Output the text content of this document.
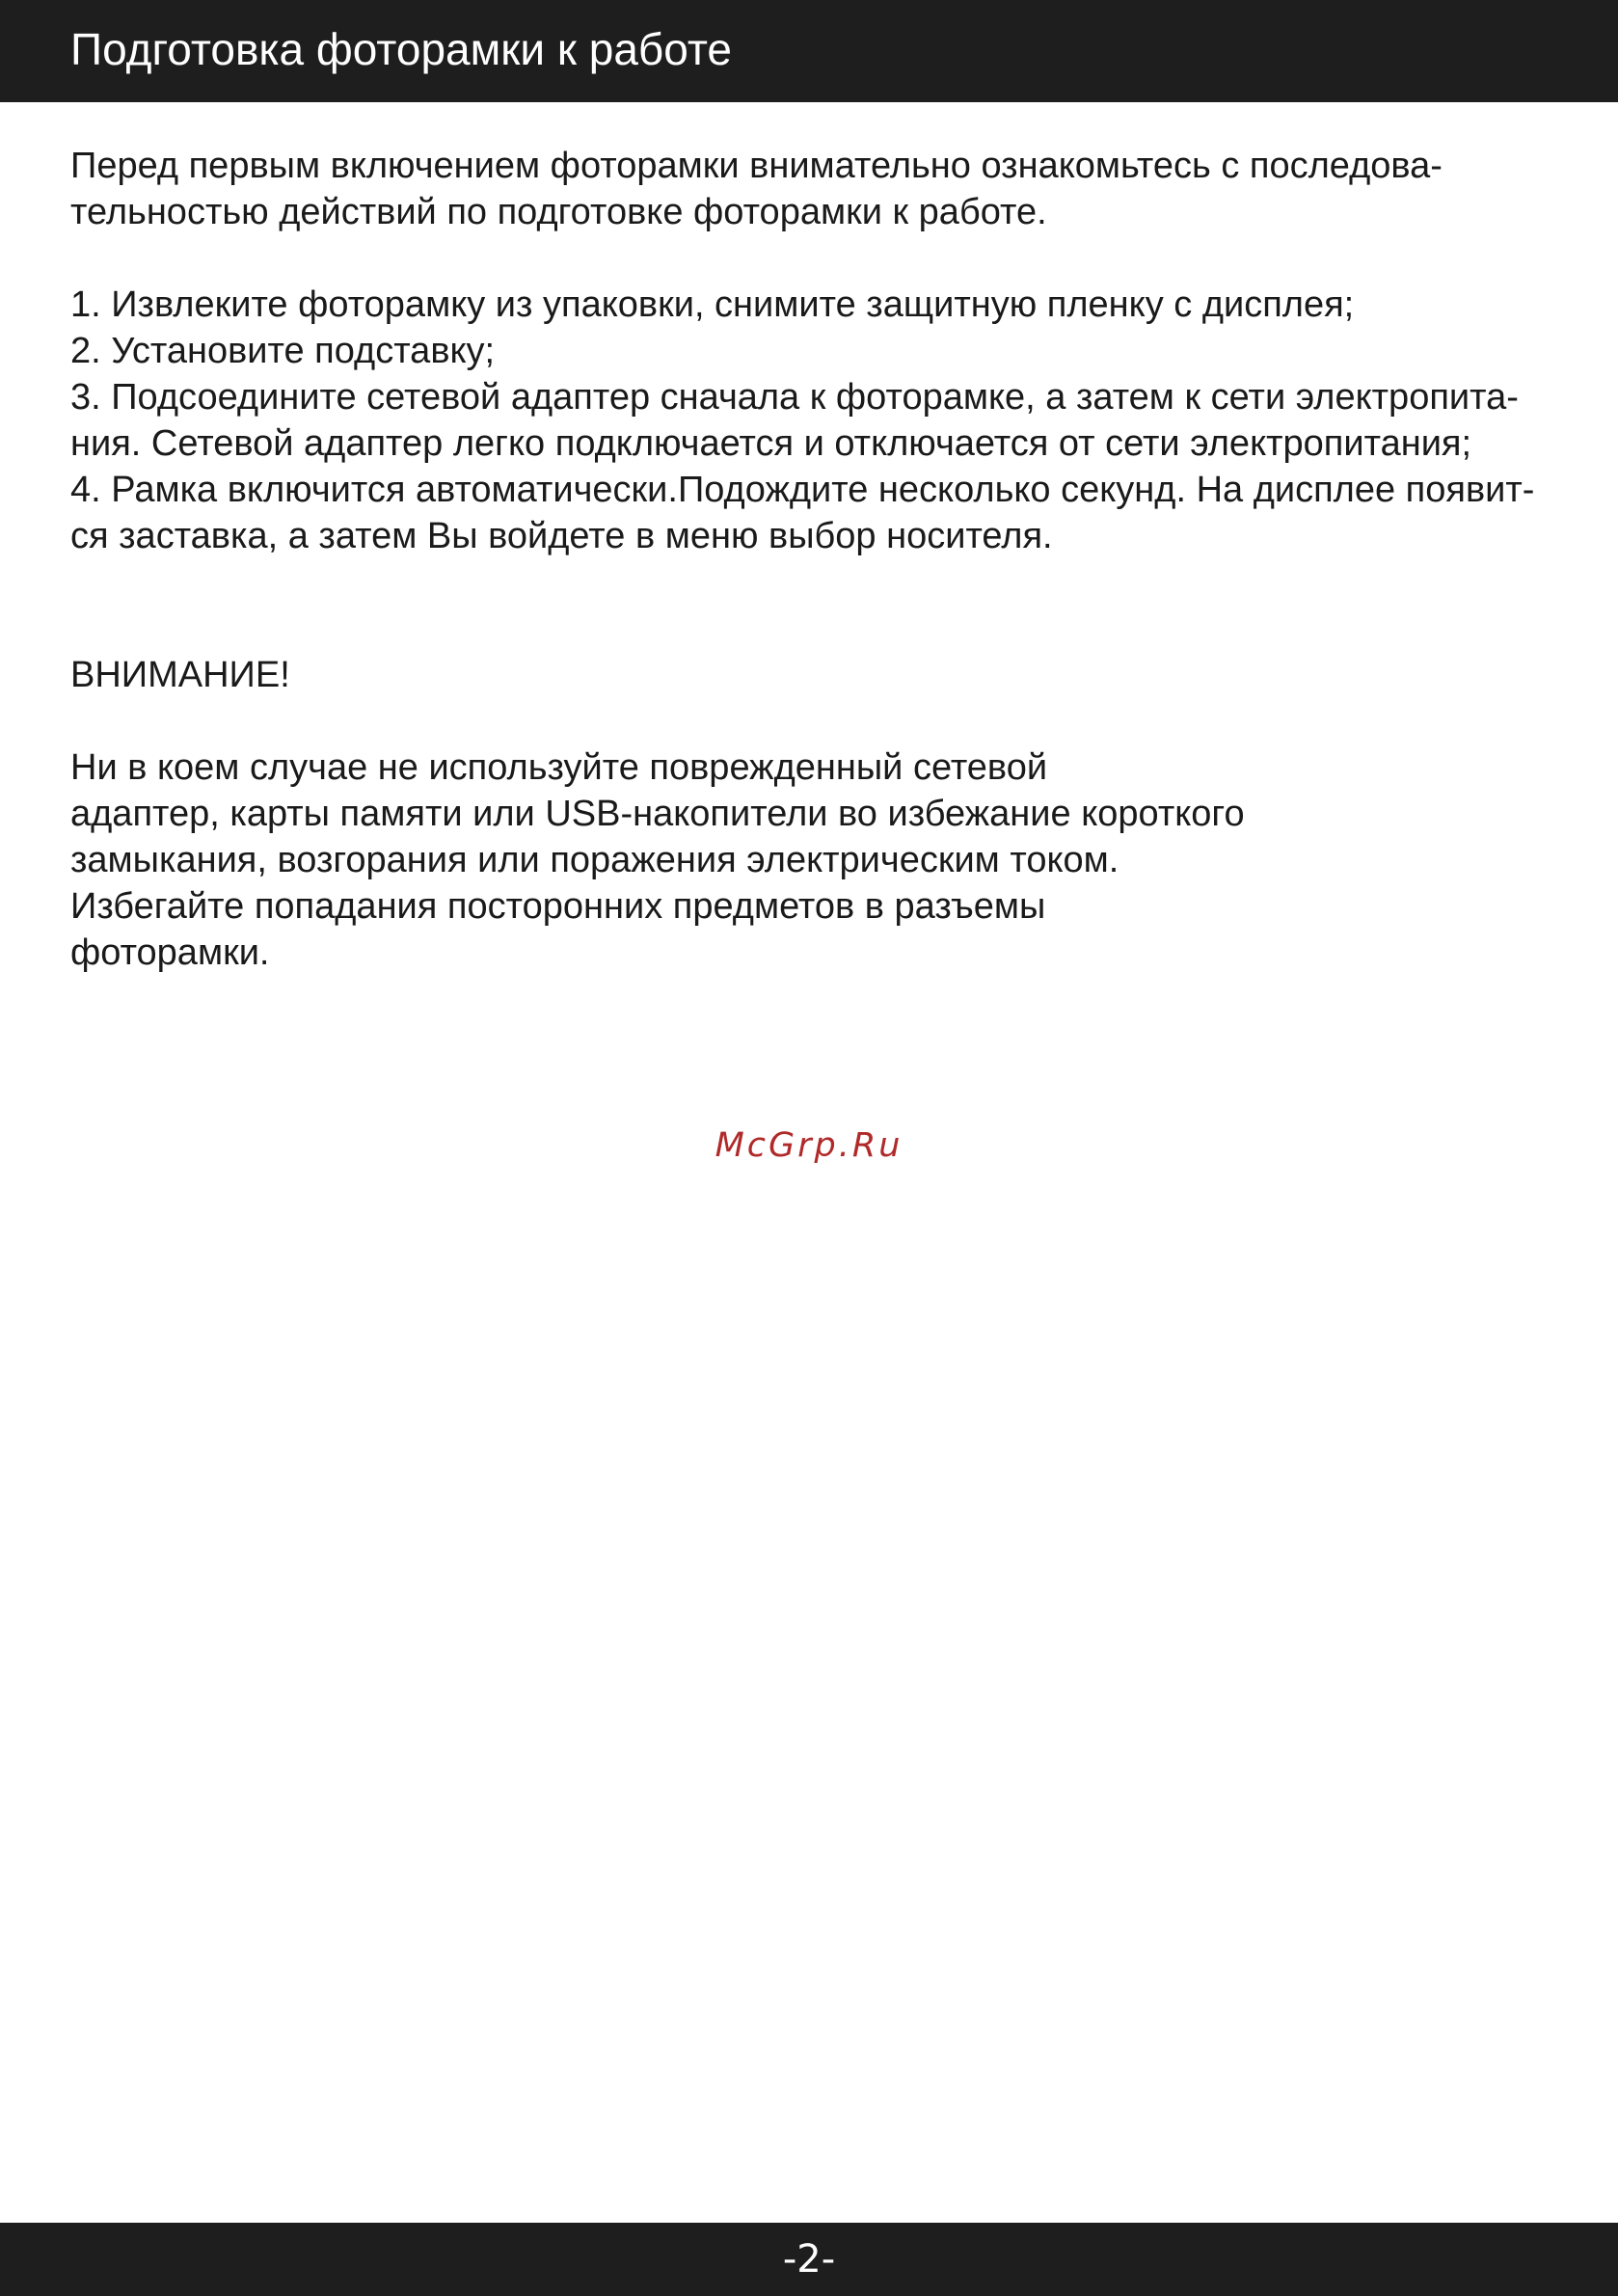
Подготовка фоторамки к работе
Перед первым включением фоторамки внимательно ознакомьтесь с последова-
тельностью действий по подготовке фоторамки к работе.
1. Извлеките фоторамку из упаковки, снимите защитную пленку с дисплея;
2. Установите подставку;
3. Подсоедините сетевой адаптер сначала к фоторамке, а затем к сети электропита-
ния. Сетевой адаптер легко подключается и отключается от сети электропитания;
4. Рамка включится автоматически.Подождите несколько секунд. На дисплее появит-
ся заставка, а затем Вы войдете в меню выбор носителя.
ВНИМАНИЕ!
Ни в коем случае не используйте поврежденный сетевой
адаптер, карты памяти или USB-накопители во избежание короткого
замыкания, возгорания или поражения электрическим током.
Избегайте попадания посторонних предметов в разъемы
фоторамки.
McGrp.Ru
-2-
